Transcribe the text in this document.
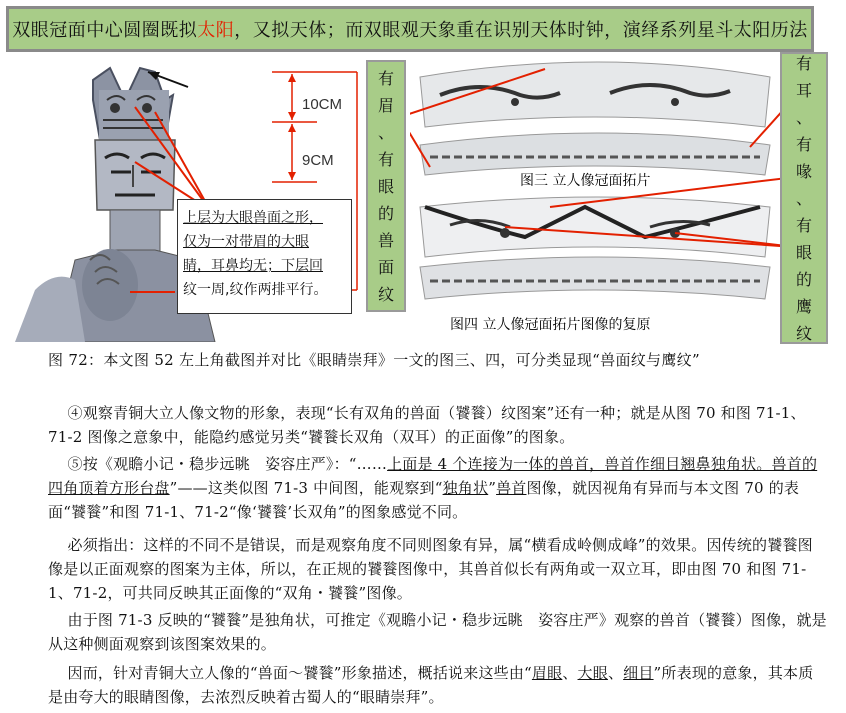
双眼冠面中心圆圈既拟 太阳 ，又拟天体；而双眼观天象重在识别天体时钟，演绎系列星斗太阳历法
10CM
9CM
上层为大眼兽面之形，
仅为一对带眉的大眼
睛，耳鼻均无；下层回
纹一周,纹作两排平行。
有
眉
、
有
眼
的
兽
面
纹
图三 立人像冠面拓片
图四 立人像冠面拓片图像的复原
有
耳
、
有
喙
、
有
眼
的
鹰
纹
图 72：本文图 52 左上角截图并对比《眼睛崇拜》一文的图三、四，可分类显现“兽面纹与鹰纹”
④观察青铜大立人像文物的形象，表现“长有双角的兽面（饕餮）纹图案”还有一种；就是从图 70 和图 71-1、71-2 图像之意象中，能隐约感觉另类“饕餮长双角（双耳）的正面像”的图象。
⑤按《观瞻小记・稳步远眺　姿容庄严》：“……上面是 4 个连接为一体的兽首，兽首作细目翘鼻独角状。兽首的四角顶着方形台盘”——这类似图 71-3 中间图，能观察到“独角状”兽首图像，就因视角有异而与本文图 70 的表面“饕餮”和图 71-1、71-2“像‘饕餮’长双角”的图象感觉不同。
必须指出：这样的不同不是错误，而是观察角度不同则图象有异，属“横看成岭侧成峰”的效果。因传统的饕餮图像是以正面观察的图案为主体，所以，在正规的饕餮图像中，其兽首似长有两角或一双立耳，即由图 70 和图 71-1、71-2，可共同反映其正面像的“双角・饕餮”图像。
由于图 71-3 反映的“饕餮”是独角状，可推定《观瞻小记・稳步远眺　姿容庄严》观察的兽首（饕餮）图像，就是从这种侧面观察到该图案效果的。
因而，针对青铜大立人像的“兽面～饕餮”形象描述，概括说来这些由“眉眼、大眼、细目”所表现的意象，其本质是由夸大的眼睛图像，去浓烈反映着古蜀人的“眼睛崇拜”。
